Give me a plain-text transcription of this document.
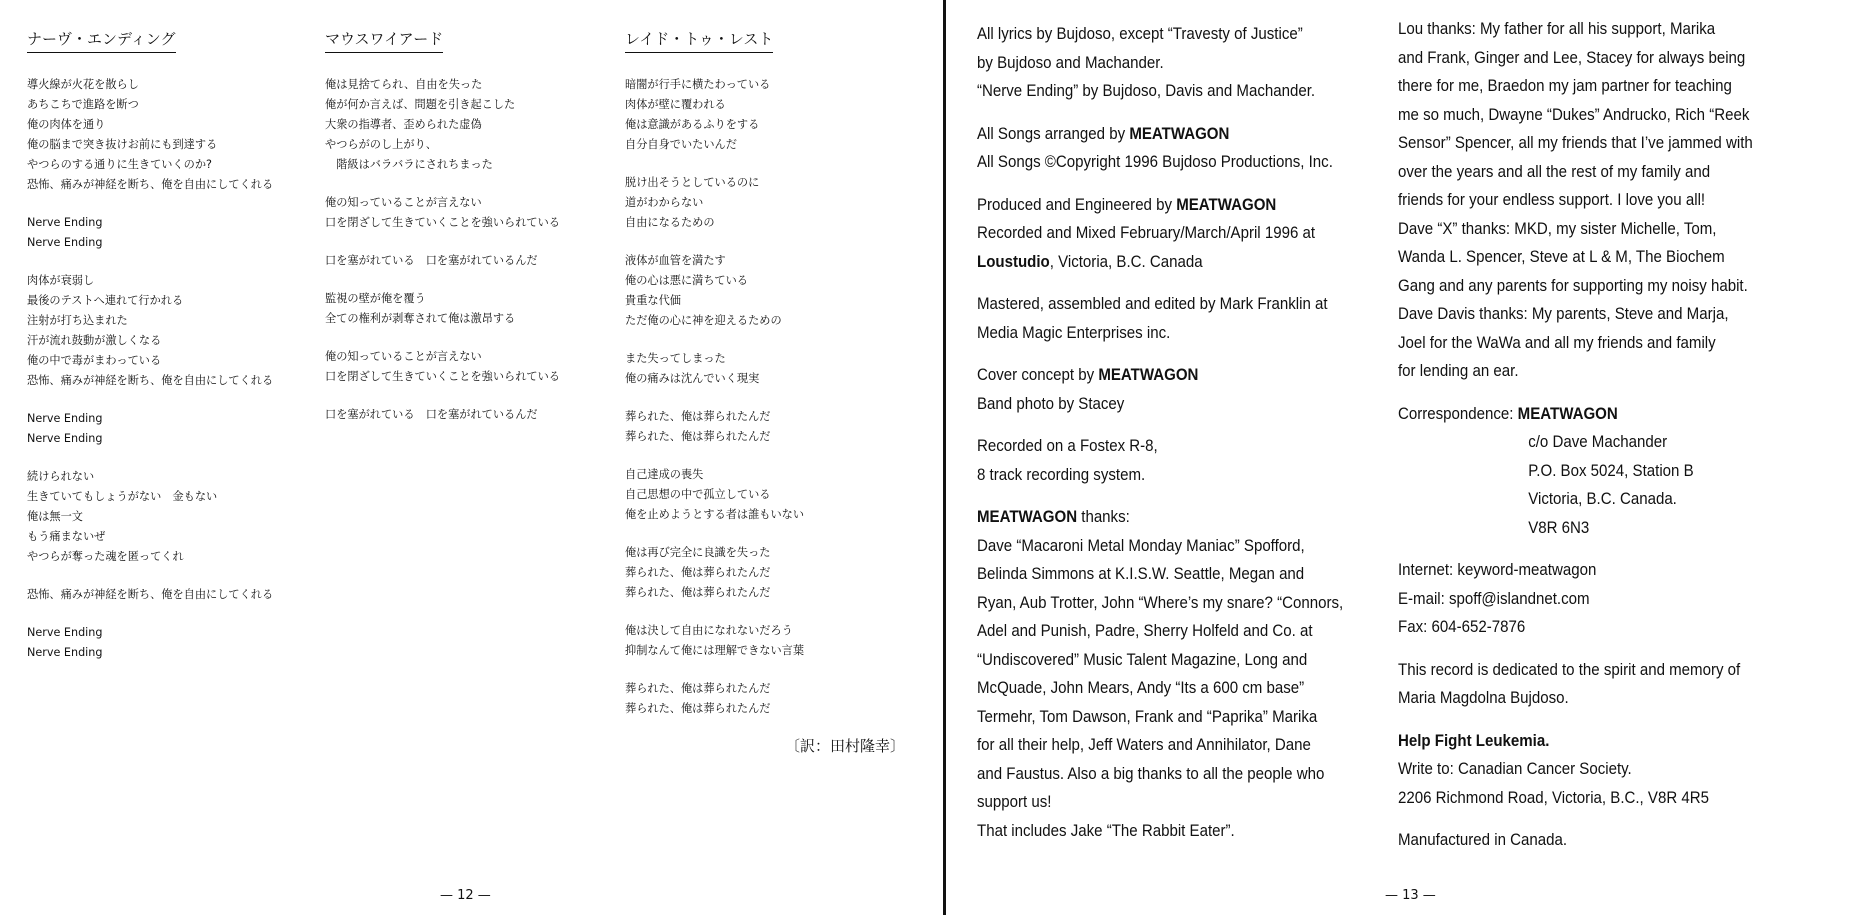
ナーヴ・エンディング
導火線が火花を散らし
あちこちで進路を断つ
俺の肉体を通り
俺の脳まで突き抜けお前にも到達する
やつらのする通りに生きていくのか?
恐怖、痛みが神経を断ち、俺を自由にしてくれる
Nerve Ending
Nerve Ending
肉体が衰弱し
最後のテストへ連れて行かれる
注射が打ち込まれた
汗が流れ鼓動が激しくなる
俺の中で毒がまわっている
恐怖、痛みが神経を断ち、俺を自由にしてくれる
Nerve Ending
Nerve Ending
続けられない
生きていてもしょうがない　金もない
俺は無一文
もう痛まないぜ
やつらが奪った魂を匿ってくれ
恐怖、痛みが神経を断ち、俺を自由にしてくれる
Nerve Ending
Nerve Ending
マウスワイアード
俺は見捨てられ、自由を失った
俺が何か言えば、問題を引き起こした
大衆の指導者、歪められた虚偽
やつらがのし上がり、
　階級はバラバラにされちまった
俺の知っていることが言えない
口を閉ざして生きていくことを強いられている
口を塞がれている　口を塞がれているんだ
監視の壁が俺を覆う
全ての権利が剥奪されて俺は激昂する
俺の知っていることが言えない
口を閉ざして生きていくことを強いられている
口を塞がれている　口を塞がれているんだ
レイド・トゥ・レスト
暗闇が行手に横たわっている
肉体が壁に覆われる
俺は意識があるふりをする
自分自身でいたいんだ
脱け出そうとしているのに
道がわからない
自由になるための
液体が血管を満たす
俺の心は悪に満ちている
貴重な代価
ただ俺の心に神を迎えるための
また失ってしまった
俺の痛みは沈んでいく現実
葬られた、俺は葬られたんだ
葬られた、俺は葬られたんだ
自己達成の喪失
自己思想の中で孤立している
俺を止めようとする者は誰もいない
俺は再び完全に良識を失った
葬られた、俺は葬られたんだ
葬られた、俺は葬られたんだ
俺は決して自由になれないだろう
抑制なんて俺には理解できない言葉
葬られた、俺は葬られたんだ
葬られた、俺は葬られたんだ
〔訳：田村隆幸〕
— 12 —

All lyrics by Bujdoso, except “Travesty of Justice”
by Bujdoso and Machander.
“Nerve Ending” by Bujdoso, Davis and Machander.

All Songs arranged by MEATWAGON
All Songs ©Copyright 1996 Bujdoso Productions, Inc.

Produced and Engineered by MEATWAGON
Recorded and Mixed February/March/April 1996 at
Loustudio, Victoria, B.C. Canada

Mastered, assembled and edited by Mark Franklin at
Media Magic Enterprises inc.

Cover concept by MEATWAGON
Band photo by Stacey

Recorded on a Fostex R-8,
8 track recording system.

MEATWAGON thanks:
Dave “Macaroni Metal Monday Maniac” Spofford,
Belinda Simmons at K.I.S.W. Seattle, Megan and
Ryan, Aub Trotter, John “Where’s my snare? “Connors,
Adel and Punish, Padre, Sherry Holfeld and Co. at
“Undiscovered” Music Talent Magazine, Long and
McQuade, John Mears, Andy “Its a 600 cm base”
Termehr, Tom Dawson, Frank and “Paprika” Marika
for all their help, Jeff Waters and Annihilator, Dane
and Faustus. Also a big thanks to all the people who
support us!
That includes Jake “The Rabbit Eater”.

Lou thanks: My father for all his support, Marika
and Frank, Ginger and Lee, Stacey for always being
there for me, Braedon my jam partner for teaching
me so much, Dwayne “Dukes” Andrucko, Rich “Reek
Sensor” Spencer, all my friends that I’ve jammed with
over the years and all the rest of my family and
friends for your endless support. I love you all!
Dave “X” thanks: MKD, my sister Michelle, Tom,
Wanda L. Spencer, Steve at L & M, The Biochem
Gang and any parents for supporting my noisy habit.
Dave Davis thanks: My parents, Steve and Marja,
Joel for the WaWa and all my friends and family
for lending an ear.

Correspondence: MEATWAGON
c/o Dave Machander
P.O. Box 5024, Station B
Victoria, B.C. Canada.
V8R 6N3

Internet: keyword-meatwagon
E-mail: spoff@islandnet.com
Fax: 604-652-7876

This record is dedicated to the spirit and memory of
Maria Magdolna Bujdoso.

Help Fight Leukemia.
Write to: Canadian Cancer Society.
2206 Richmond Road, Victoria, B.C., V8R 4R5

Manufactured in Canada.

— 13 —
